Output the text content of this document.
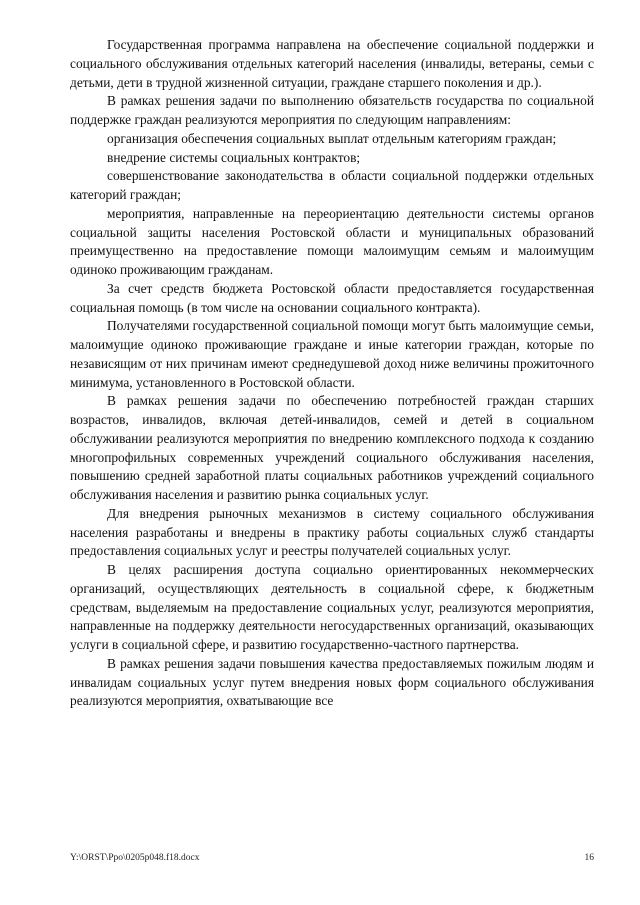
Государственная программа направлена на обеспечение социальной поддержки и социального обслуживания отдельных категорий населения (инвалиды, ветераны, семьи с детьми, дети в трудной жизненной ситуации, граждане старшего поколения и др.).

В рамках решения задачи по выполнению обязательств государства по социальной поддержке граждан реализуются мероприятия по следующим направлениям:

организация обеспечения социальных выплат отдельным категориям граждан;

внедрение системы социальных контрактов;

совершенствование законодательства в области социальной поддержки отдельных категорий граждан;

мероприятия, направленные на переориентацию деятельности системы органов социальной защиты населения Ростовской области и муниципальных образований преимущественно на предоставление помощи малоимущим семьям и малоимущим одиноко проживающим гражданам.

За счет средств бюджета Ростовской области предоставляется государственная социальная помощь (в том числе на основании социального контракта).

Получателями государственной социальной помощи могут быть малоимущие семьи, малоимущие одиноко проживающие граждане и иные категории граждан, которые по независящим от них причинам имеют среднедушевой доход ниже величины прожиточного минимума, установленного в Ростовской области.

В рамках решения задачи по обеспечению потребностей граждан старших возрастов, инвалидов, включая детей-инвалидов, семей и детей в социальном обслуживании реализуются мероприятия по внедрению комплексного подхода к созданию многопрофильных современных учреждений социального обслуживания населения, повышению средней заработной платы социальных работников учреждений социального обслуживания населения и развитию рынка социальных услуг.

Для внедрения рыночных механизмов в систему социального обслуживания населения разработаны и внедрены в практику работы социальных служб стандарты предоставления социальных услуг и реестры получателей социальных услуг.

В целях расширения доступа социально ориентированных некоммерческих организаций, осуществляющих деятельность в социальной сфере, к бюджетным средствам, выделяемым на предоставление социальных услуг, реализуются мероприятия, направленные на поддержку деятельности негосударственных организаций, оказывающих услуги в социальной сфере, и развитию государственно-частного партнерства.

В рамках решения задачи повышения качества предоставляемых пожилым людям и инвалидам социальных услуг путем внедрения новых форм социального обслуживания реализуются мероприятия, охватывающие все

Y:\ORST\Ppo\0205p048.f18.docx	16
